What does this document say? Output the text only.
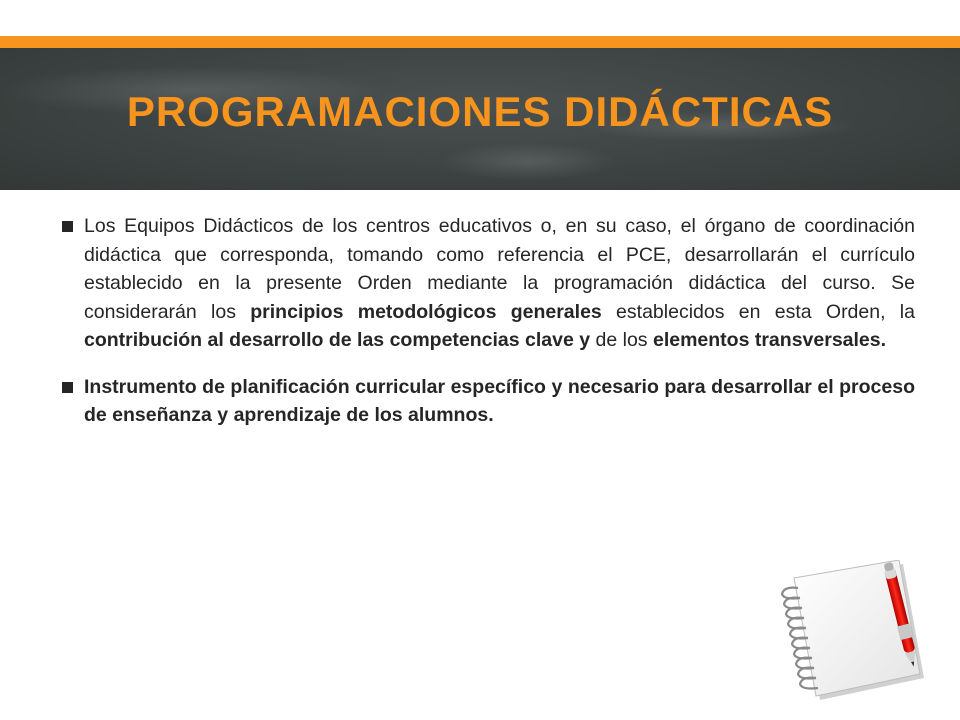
PROGRAMACIONES DIDÁCTICAS

Los Equipos Didácticos de los centros educativos o, en su caso, el órgano de coordinación didáctica que corresponda, tomando como referencia el PCE, desarrollarán el currículo establecido en la presente Orden mediante la programación didáctica del curso. Se considerarán los principios metodológicos generales establecidos en esta Orden, la contribución al desarrollo de las competencias clave y de los elementos transversales.

Instrumento de planificación curricular específico y necesario para desarrollar el proceso de enseñanza y aprendizaje de los alumnos.
